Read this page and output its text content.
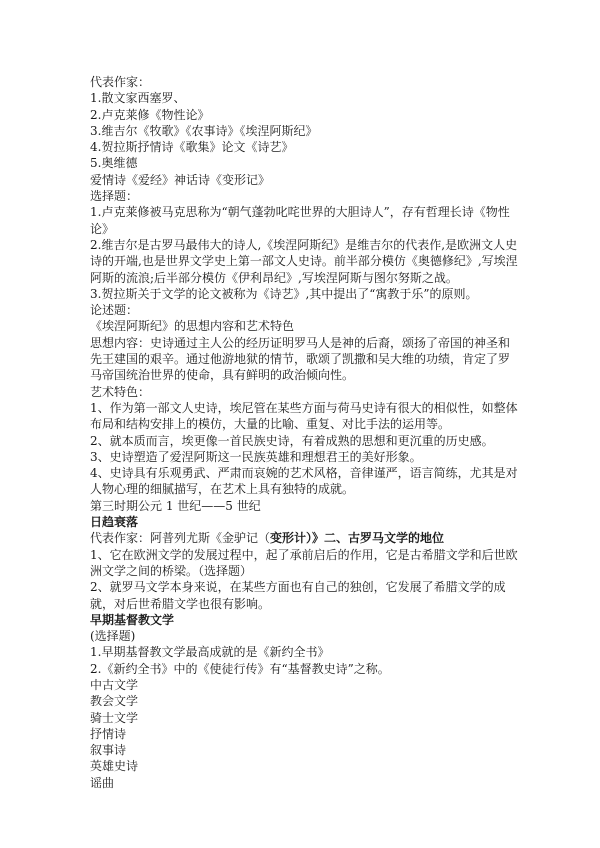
代表作家：

1.散文家西塞罗、

2.卢克莱修《物性论》

3.维吉尔《牧歌》《农事诗》《埃涅阿斯纪》

4.贺拉斯抒情诗《歌集》论文《诗艺》

5.奥维德

爱情诗《爱经》神话诗《变形记》

选择题：

1.卢克莱修被马克思称为“朝气蓬勃叱咤世界的大胆诗人”，存有哲理长诗《物性论》

2.维吉尔是古罗马最伟大的诗人,《埃涅阿斯纪》是维吉尔的代表作,是欧洲文人史诗的开端,也是世界文学史上第一部文人史诗。前半部分模仿《奥德修纪》,写埃涅阿斯的流浪;后半部分模仿《伊利昂纪》,写埃涅阿斯与图尔努斯之战。

3.贺拉斯关于文学的论文被称为《诗艺》,其中提出了“寓教于乐”的原则。

论述题：

《埃涅阿斯纪》的思想内容和艺术特色

思想内容：史诗通过主人公的经历证明罗马人是神的后裔，颂扬了帝国的神圣和先王建国的艰辛。通过他游地狱的情节，歌颂了凯撒和吴大维的功绩，肯定了罗马帝国统治世界的使命，具有鲜明的政治倾向性。

艺术特色：

1、作为第一部文人史诗，埃尼管在某些方面与荷马史诗有很大的相似性，如整体布局和结构安排上的模仿，大量的比喻、重复、对比手法的运用等。

2、就本质而言，埃更像一首民族史诗，有着成熟的思想和更沉重的历史感。

3、史诗塑造了爱涅阿斯这一民族英雄和理想君王的美好形象。

4、史诗具有乐观勇武、严肃而哀婉的艺术风格，音律谨严，语言简练，尤其是对人物心理的细腻描写，在艺术上具有独特的成就。

第三时期公元 1 世纪——5 世纪

日趋衰落

代表作家：阿普列尤斯《金驴记（变形计）》二、古罗马文学的地位

1、它在欧洲文学的发展过程中，起了承前启后的作用，它是古希腊文学和后世欧洲文学之间的桥梁。（选择题）

2、就罗马文学本身来说，在某些方面也有自己的独创，它发展了希腊文学的成就，对后世希腊文学也很有影响。

早期基督教文学

(选择题)

1.早期基督教文学最高成就的是《新约全书》

2.《新约全书》中的《使徒行传》有“基督教史诗”之称。

中古文学

教会文学

骑士文学

抒情诗

叙事诗

英雄史诗

谣曲
